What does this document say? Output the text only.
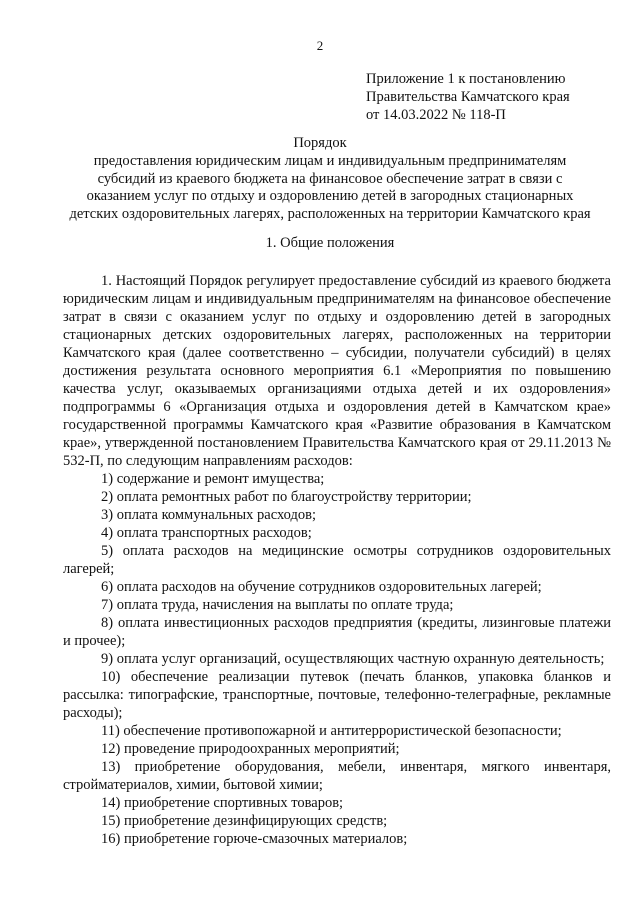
2
Приложение 1 к постановлению
Правительства Камчатского края
от 14.03.2022 № 118-П
Порядок
предоставления юридическим лицам и индивидуальным предпринимателям
субсидий из краевого бюджета на финансовое обеспечение затрат в связи с
оказанием услуг по отдыху и оздоровлению детей в загородных стационарных
детских оздоровительных лагерях, расположенных на территории Камчатского края
1. Общие положения

1. Настоящий Порядок регулирует предоставление субсидий из краевого бюджета юридическим лицам и индивидуальным предпринимателям на финансовое обеспечение затрат в связи с оказанием услуг по отдыху и оздоровлению детей в загородных стационарных детских оздоровительных лагерях, расположенных на территории Камчатского края (далее соответственно – субсидии, получатели субсидий) в целях достижения результата основного мероприятия 6.1 «Мероприятия по повышению качества услуг, оказываемых организациями отдыха детей и их оздоровления» подпрограммы 6 «Организация отдыха и оздоровления детей в Камчатском крае» государственной программы Камчатского края «Развитие образования в Камчатском крае», утвержденной постановлением Правительства Камчатского края от 29.11.2013 № 532-П, по следующим направлениям расходов:

1) содержание и ремонт имущества;

2) оплата ремонтных работ по благоустройству территории;

3) оплата коммунальных расходов;

4) оплата транспортных расходов;

5) оплата расходов на медицинские осмотры сотрудников оздоровительных лагерей;

6) оплата расходов на обучение сотрудников оздоровительных лагерей;

7) оплата труда, начисления на выплаты по оплате труда;

8) оплата инвестиционных расходов предприятия (кредиты, лизинговые платежи и прочее);

9) оплата услуг организаций, осуществляющих частную охранную деятельность;

10) обеспечение реализации путевок (печать бланков, упаковка бланков и рассылка: типографские, транспортные, почтовые, телефонно-телеграфные, рекламные расходы);

11) обеспечение противопожарной и антитеррористической безопасности;

12) проведение природоохранных мероприятий;

13) приобретение оборудования, мебели, инвентаря, мягкого инвентаря, стройматериалов, химии, бытовой химии;

14) приобретение спортивных товаров;

15) приобретение дезинфицирующих средств;

16) приобретение горюче-смазочных материалов;
